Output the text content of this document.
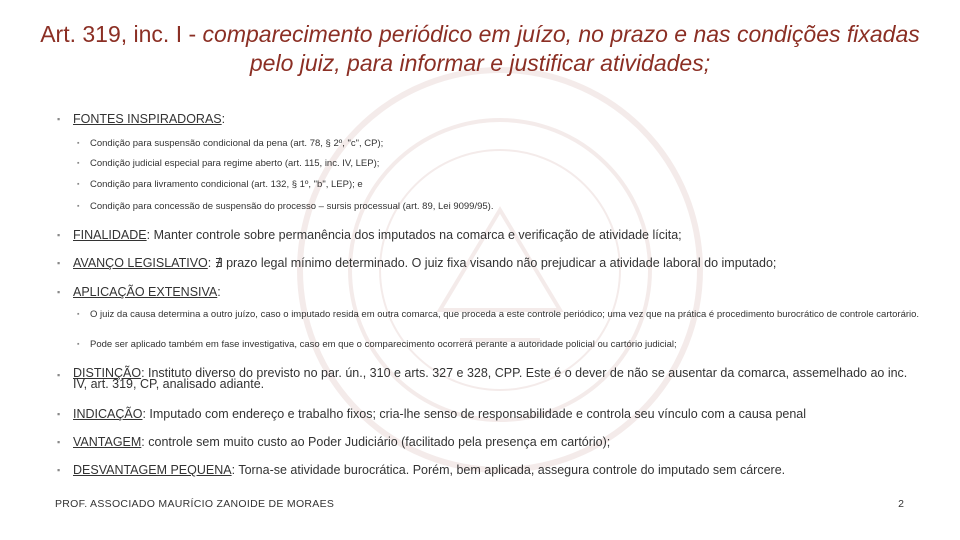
Art. 319, inc. I - comparecimento periódico em juízo, no prazo e nas condições fixadas pelo juiz, para informar e justificar atividades;
▪	FONTES INSPIRADORAS:
▪	Condição para suspensão condicional da pena (art. 78, § 2º, "c", CP);
▪	Condição judicial especial para regime aberto (art. 115, inc. IV, LEP);
▪	Condição para livramento condicional (art. 132, § 1º, "b", LEP); e
▪	Condição para concessão de suspensão do processo – sursis processual (art. 89, Lei 9099/95).
▪	FINALIDADE: Manter controle sobre permanência dos imputados na comarca e verificação de atividade lícita;
▪	AVANÇO LEGISLATIVO: ∄ prazo legal mínimo determinado. O juiz fixa visando não prejudicar a atividade laboral do imputado;
▪	APLICAÇÃO EXTENSIVA:
▪	O juiz da causa determina a outro juízo, caso o imputado resida em outra comarca, que proceda a este controle periódico; uma vez que na prática é procedimento burocrático de controle cartorário.
▪	Pode ser aplicado também em fase investigativa, caso em que o comparecimento ocorrerá perante a autoridade policial ou cartório judicial;
▪	DISTINÇÃO: Instituto diverso do previsto no par. ún., 310 e arts. 327 e 328, CPP. Este é o dever de não se ausentar da comarca, assemelhado ao inc. IV, art. 319, CP, analisado adiante.
▪	INDICAÇÃO: Imputado com endereço e trabalho fixos; cria-lhe senso de responsabilidade e controla seu vínculo com a causa penal
▪	VANTAGEM: controle sem muito custo ao Poder Judiciário (facilitado pela presença em cartório);
▪	DESVANTAGEM PEQUENA: Torna-se atividade burocrática. Porém, bem aplicada, assegura controle do imputado sem cárcere.
PROF. ASSOCIADO MAURÍCIO ZANOIDE DE MORAES	2
